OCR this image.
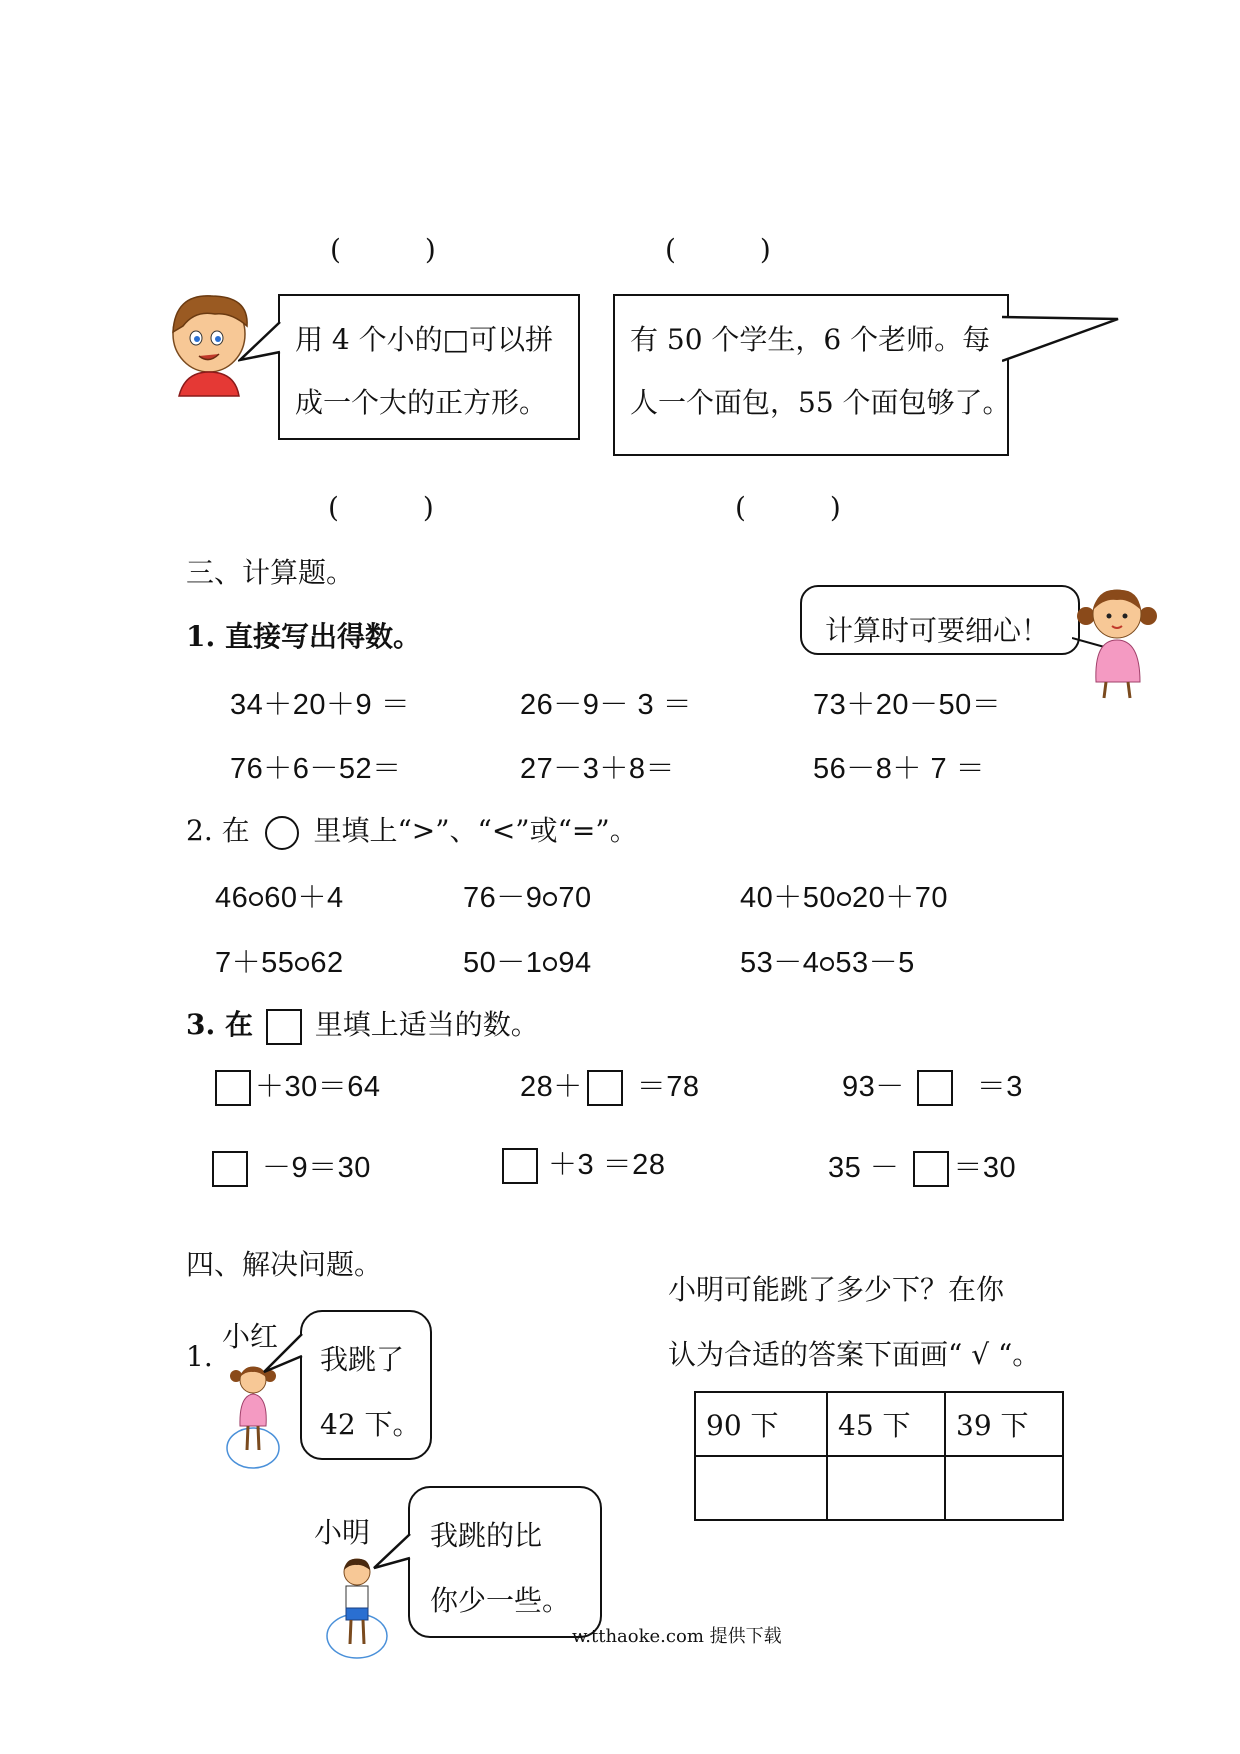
(　　　)	(　　　)
用 4 个小的□可以拼
成一个大的正方形。
有 50 个学生，6 个老师。每
人一个面包，55 个面包够了。
(　　　)	(　　　)
三、计算题。
1. 直接写出得数。	计算时可要细心！
34＋20＋9 ＝	26－9－ 3 ＝	73＋20－50＝
76＋6－52＝	27－3＋8＝	56－8＋ 7 ＝
2. 在 里填上“>”、“<”或“=”。
46 60＋4	76－9 70	40＋50 20＋70
7＋55 62	50－1 94	53－4 53－5
3. 在 里填上适当的数。
＋30＝64	28＋ ＝78	93－ ＝3
－9＝30	＋3 ＝28	35 － ＝30
四、解决问题。
1.
小红
我跳了
42 下。
小明 我跳的比
你少一些。
小明可能跳了多少下？在你
认为合适的答案下面画“ √ “。
90 下	45 下	39 下

w.tthaoke.com 提供下载
